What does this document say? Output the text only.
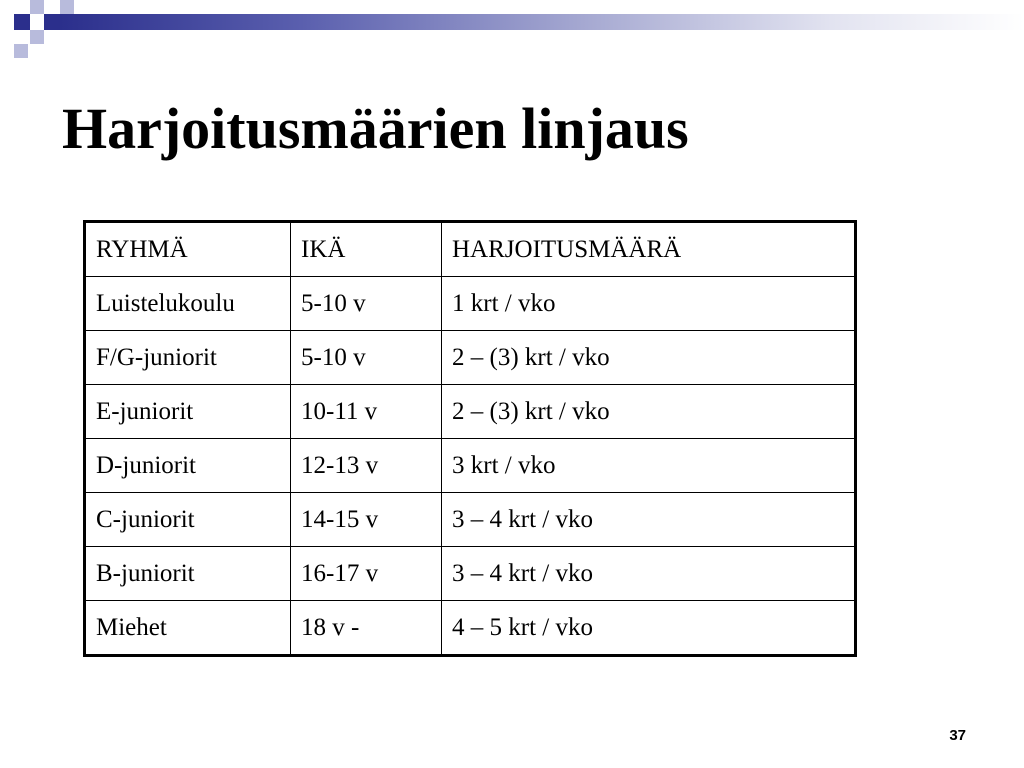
Harjoitusmäärien linjaus
RYHMÄ	IKÄ	HARJOITUSMÄÄRÄ
Luistelukoulu	5-10 v	1 krt / vko
F/G-juniorit	5-10 v	2 – (3) krt / vko
E-juniorit	10-11 v	2 – (3) krt / vko
D-juniorit	12-13 v	3 krt / vko
C-juniorit	14-15 v	3 – 4 krt / vko
B-juniorit	16-17 v	3 – 4 krt / vko
Miehet	18 v -	4 – 5 krt / vko
37
